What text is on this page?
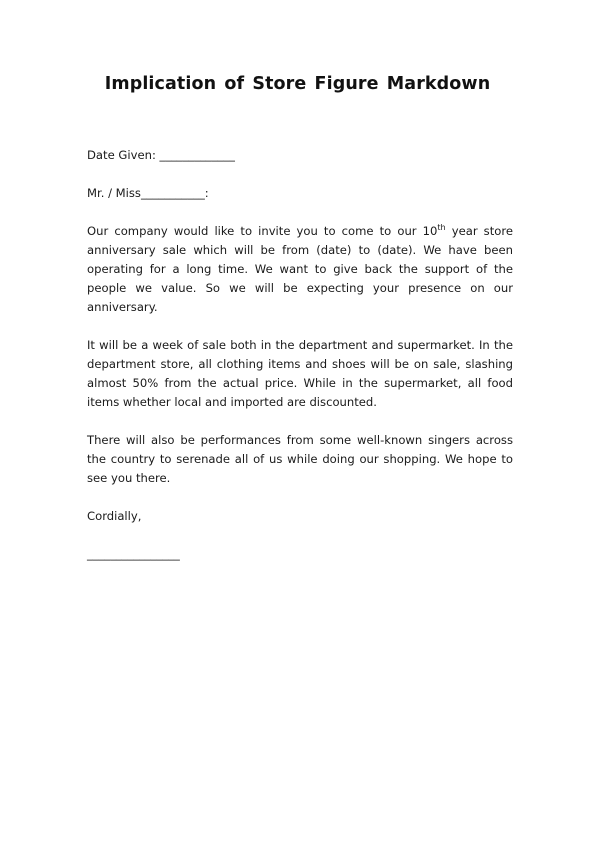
Implication of Store Figure Markdown

Date Given: _____________

Mr. / Miss___________:

Our company would like to invite you to come to our 10th year store anniversary sale which will be from (date) to (date). We have been operating for a long time. We want to give back the support of the people we value. So we will be expecting your presence on our anniversary.

It will be a week of sale both in the department and supermarket. In the department store, all clothing items and shoes will be on sale, slashing almost 50% from the actual price. While in the supermarket, all food items whether local and imported are discounted.

There will also be performances from some well-known singers across the country to serenade all of us while doing our shopping. We hope to see you there.

Cordially,

________________
